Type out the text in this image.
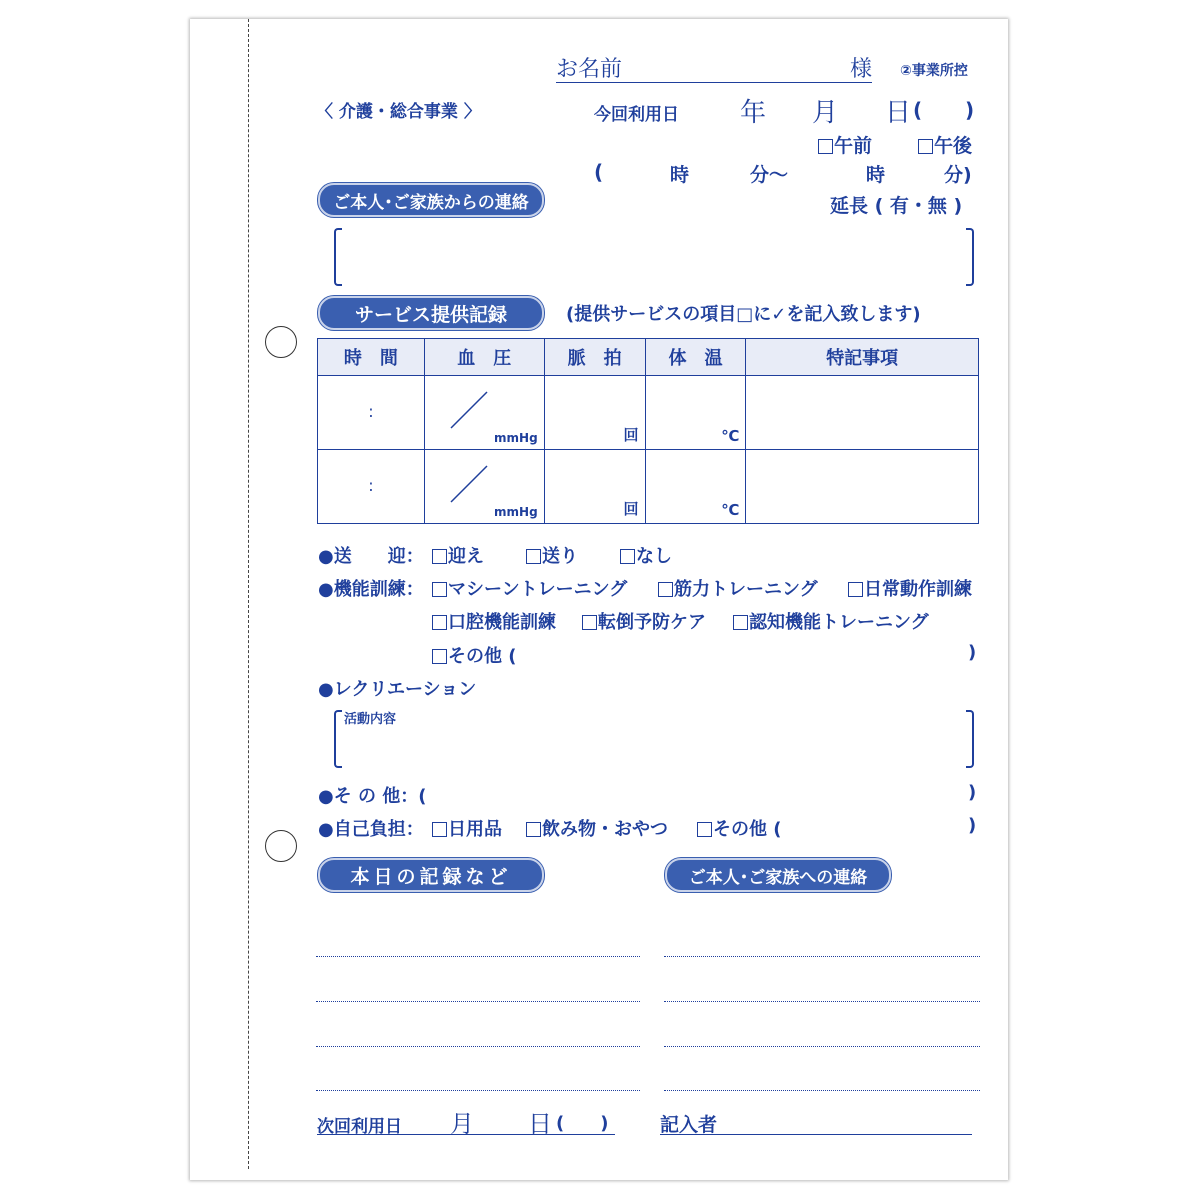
お名前	様 ②事業所控
〈 介護・総合事業 〉	今回利用日 年 月 日 ( )
午前	午後
(	時	分～	時	分)
延長 ( 有・無 )
ご本人･ご家族からの連絡
サービス提供記録	(提供サービスの項目□に✓を記入致します)
時　間	血　圧	脈　拍	体　温	特記事項

:	mmHg	回	℃	

:	mmHg	回	℃	

●送　　迎：	迎え	送り	なし
●機能訓練：	マシーントレーニング	筋力トレーニング	日常動作訓練
口腔機能訓練	転倒予防ケア	認知機能トレーニング
その他 (	)
●レクリエーション
活動内容
●そ の 他：(	)
●自己負担：	日用品	飲み物・おやつ	その他 (	)
本日の記録など	ご本人･ご家族への連絡
次回利用日 月 日 (　　)	記入者
